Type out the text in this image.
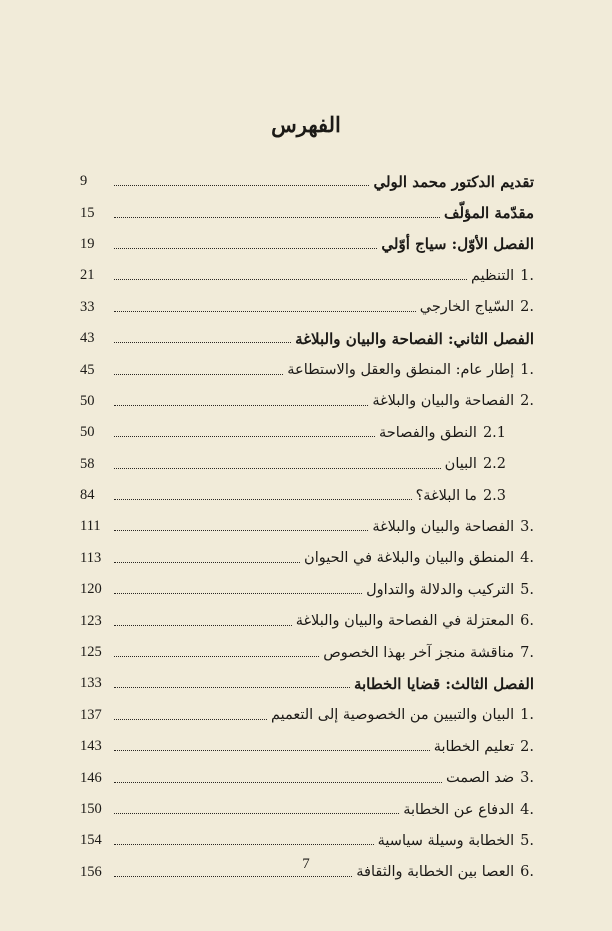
الفهرس
تقديم الدكتور محمد الولي
9
مقدّمة المؤلّف
15
الفصل الأوّل: سياج أوّلي
19
1.
التنظيم
21
2.
السّياج الخارجي
33
الفصل الثاني: الفصاحة والبيان والبلاغة
43
1.
إطار عام: المنطق والعقل والاستطاعة
45
2.
الفصاحة والبيان والبلاغة
50
2.1
النطق والفصاحة
50
2.2
البيان
58
2.3
ما البلاغة؟
84
3.
الفصاحة والبيان والبلاغة
111
4.
المنطق والبيان والبلاغة في الحيوان
113
5.
التركيب والدلالة والتداول
120
6.
المعتزلة في الفصاحة والبيان والبلاغة
123
7.
مناقشة منجز آخر بهذا الخصوص
125
الفصل الثالث: قضايا الخطابة
133
1.
البيان والتبيين من الخصوصية إلى التعميم
137
2.
تعليم الخطابة
143
3.
ضد الصمت
146
4.
الدفاع عن الخطابة
150
5.
الخطابة وسيلة سياسية
154
6.
العصا بين الخطابة والثقافة
156	7
